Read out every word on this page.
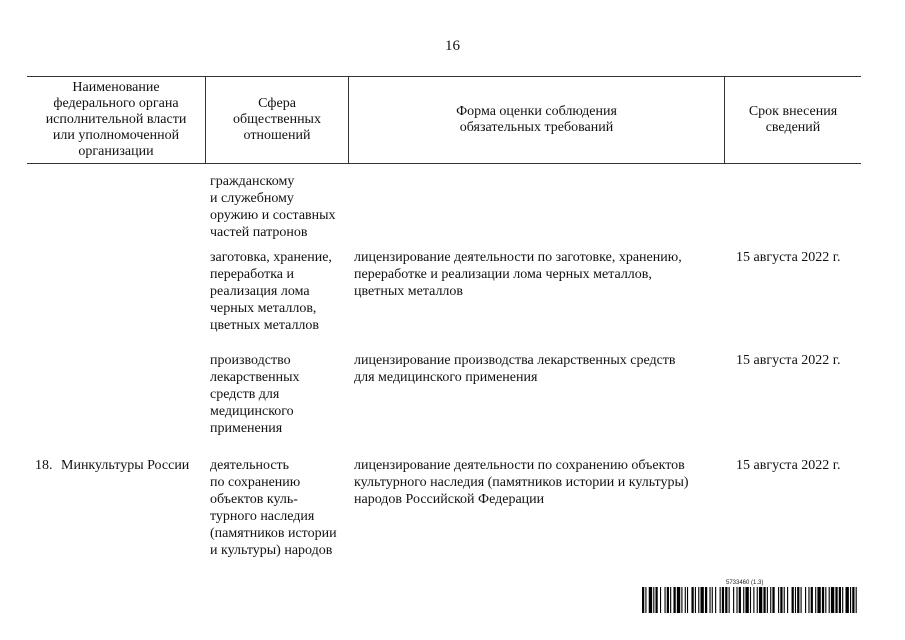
16
Наименование
федерального органа
исполнительной власти
или уполномоченной
организации
Сфера
общественных
отношений
Форма оценки соблюдения
обязательных требований
Срок внесения
сведений
гражданскому
и служебному
оружию и составных
частей патронов
заготовка, хранение,
переработка и
реализация лома
черных металлов,
цветных металлов
лицензирование деятельности по заготовке, хранению,
переработке и реализации лома черных металлов,
цветных металлов
15 августа 2022 г.
производство
лекарственных
средств для
медицинского
применения
лицензирование производства лекарственных средств
для медицинского применения
15 августа 2022 г.
18. Минкультуры России деятельность
по сохранению
объектов куль-
турного наследия
(памятников истории
и культуры) народов
лицензирование деятельности по сохранению объектов
культурного наследия (памятников истории и культуры)
народов Российской Федерации
15 августа 2022 г.
5733460 (1.3)
